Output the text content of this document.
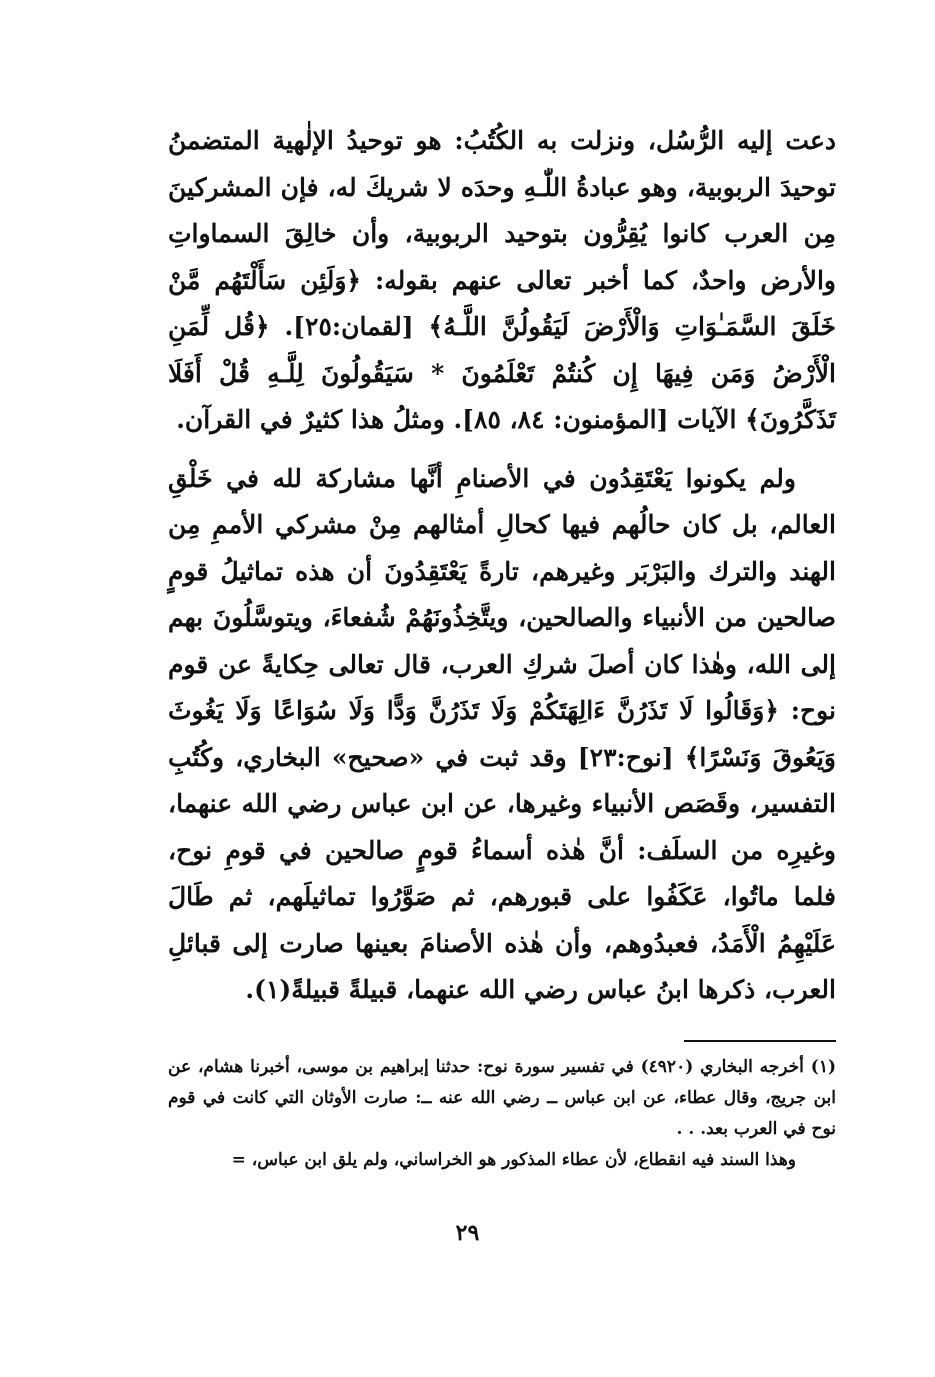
دعت إليه الرُّسُل، ونزلت به الكُتُبُ: هو توحيدُ الإلٰهية المتضمنُ توحيدَ الربوبية، وهو عبادةُ اللّٰـهِ وحدَه لا شريكَ له، فإن المشركينَ مِن العرب كانوا يُقِرُّون بتوحيد الربوبية، وأن خالِقَ السماواتِ والأرض واحدٌ، كما أخبر تعالى عنهم بقوله: ﴿وَلَئِن سَأَلْتَهُم مَّنْ خَلَقَ السَّمَـٰوَاتِ وَالْأَرْضَ لَيَقُولُنَّ اللَّـهُ﴾ [لقمان:٢٥]. ﴿قُل لِّمَنِ الْأَرْضُ وَمَن فِيهَا إِن كُنتُمْ تَعْلَمُونَ * سَيَقُولُونَ لِلَّـهِ قُلْ أَفَلَا تَذَكَّرُونَ﴾ الآيات [المؤمنون: ٨٤، ٨٥]. ومثلُ هذا كثيرٌ في القرآن.

ولم يكونوا يَعْتَقِدُون في الأصنامِ أنَّها مشاركة لله في خَلْقِ العالم، بل كان حالُهم فيها كحالِ أمثالهم مِنْ مشركي الأممِ مِن الهند والترك والبَرْبَر وغيرهم، تارةً يَعْتَقِدُونَ أن هذه تماثيلُ قومٍ صالحين من الأنبياء والصالحين، ويتَّخِذُونَهُمْ شُفعاءَ، ويتوسَّلُونَ بهم إلى الله، وهٰذا كان أصلَ شركِ العرب، قال تعالى حِكايةً عن قوم نوح: ﴿وَقَالُوا لَا تَذَرُنَّ ءَالِهَتَكُمْ وَلَا تَذَرُنَّ وَدًّا وَلَا سُوَاعًا وَلَا يَغُوثَ وَيَعُوقَ وَنَسْرًا﴾ [نوح:٢٣] وقد ثبت في «صحيح» البخاري، وكُتُبِ التفسير، وقَصَص الأنبياء وغيرها، عن ابن عباس رضي الله عنهما، وغيرِه من السلَف: أنَّ هٰذه أسماءُ قومٍ صالحين في قومِ نوح، فلما ماتُوا، عَكَفُوا على قبورهم، ثم صَوَّرُوا تماثيلَهم، ثم طَالَ عَلَيْهِمُ الْأَمَدُ، فعبدُوهم، وأن هٰذه الأصنامَ بعينها صارت إلى قبائلِ العرب، ذكرها ابنُ عباس رضي الله عنهما، قبيلةً قبيلةً(١).

(١) أخرجه البخاري (٤٩٢٠) في تفسير سورة نوح: حدثنا إبراهيم بن موسى، أخبرنا هشام، عن ابن جريج، وقال عطاء، عن ابن عباس ــ رضي الله عنه ــ: صارت الأوثان التي كانت في قوم نوح في العرب بعد. . .

وهذا السند فيه انقطاع، لأن عطاء المذكور هو الخراساني، ولم يلق ابن عباس، =

٢٩
